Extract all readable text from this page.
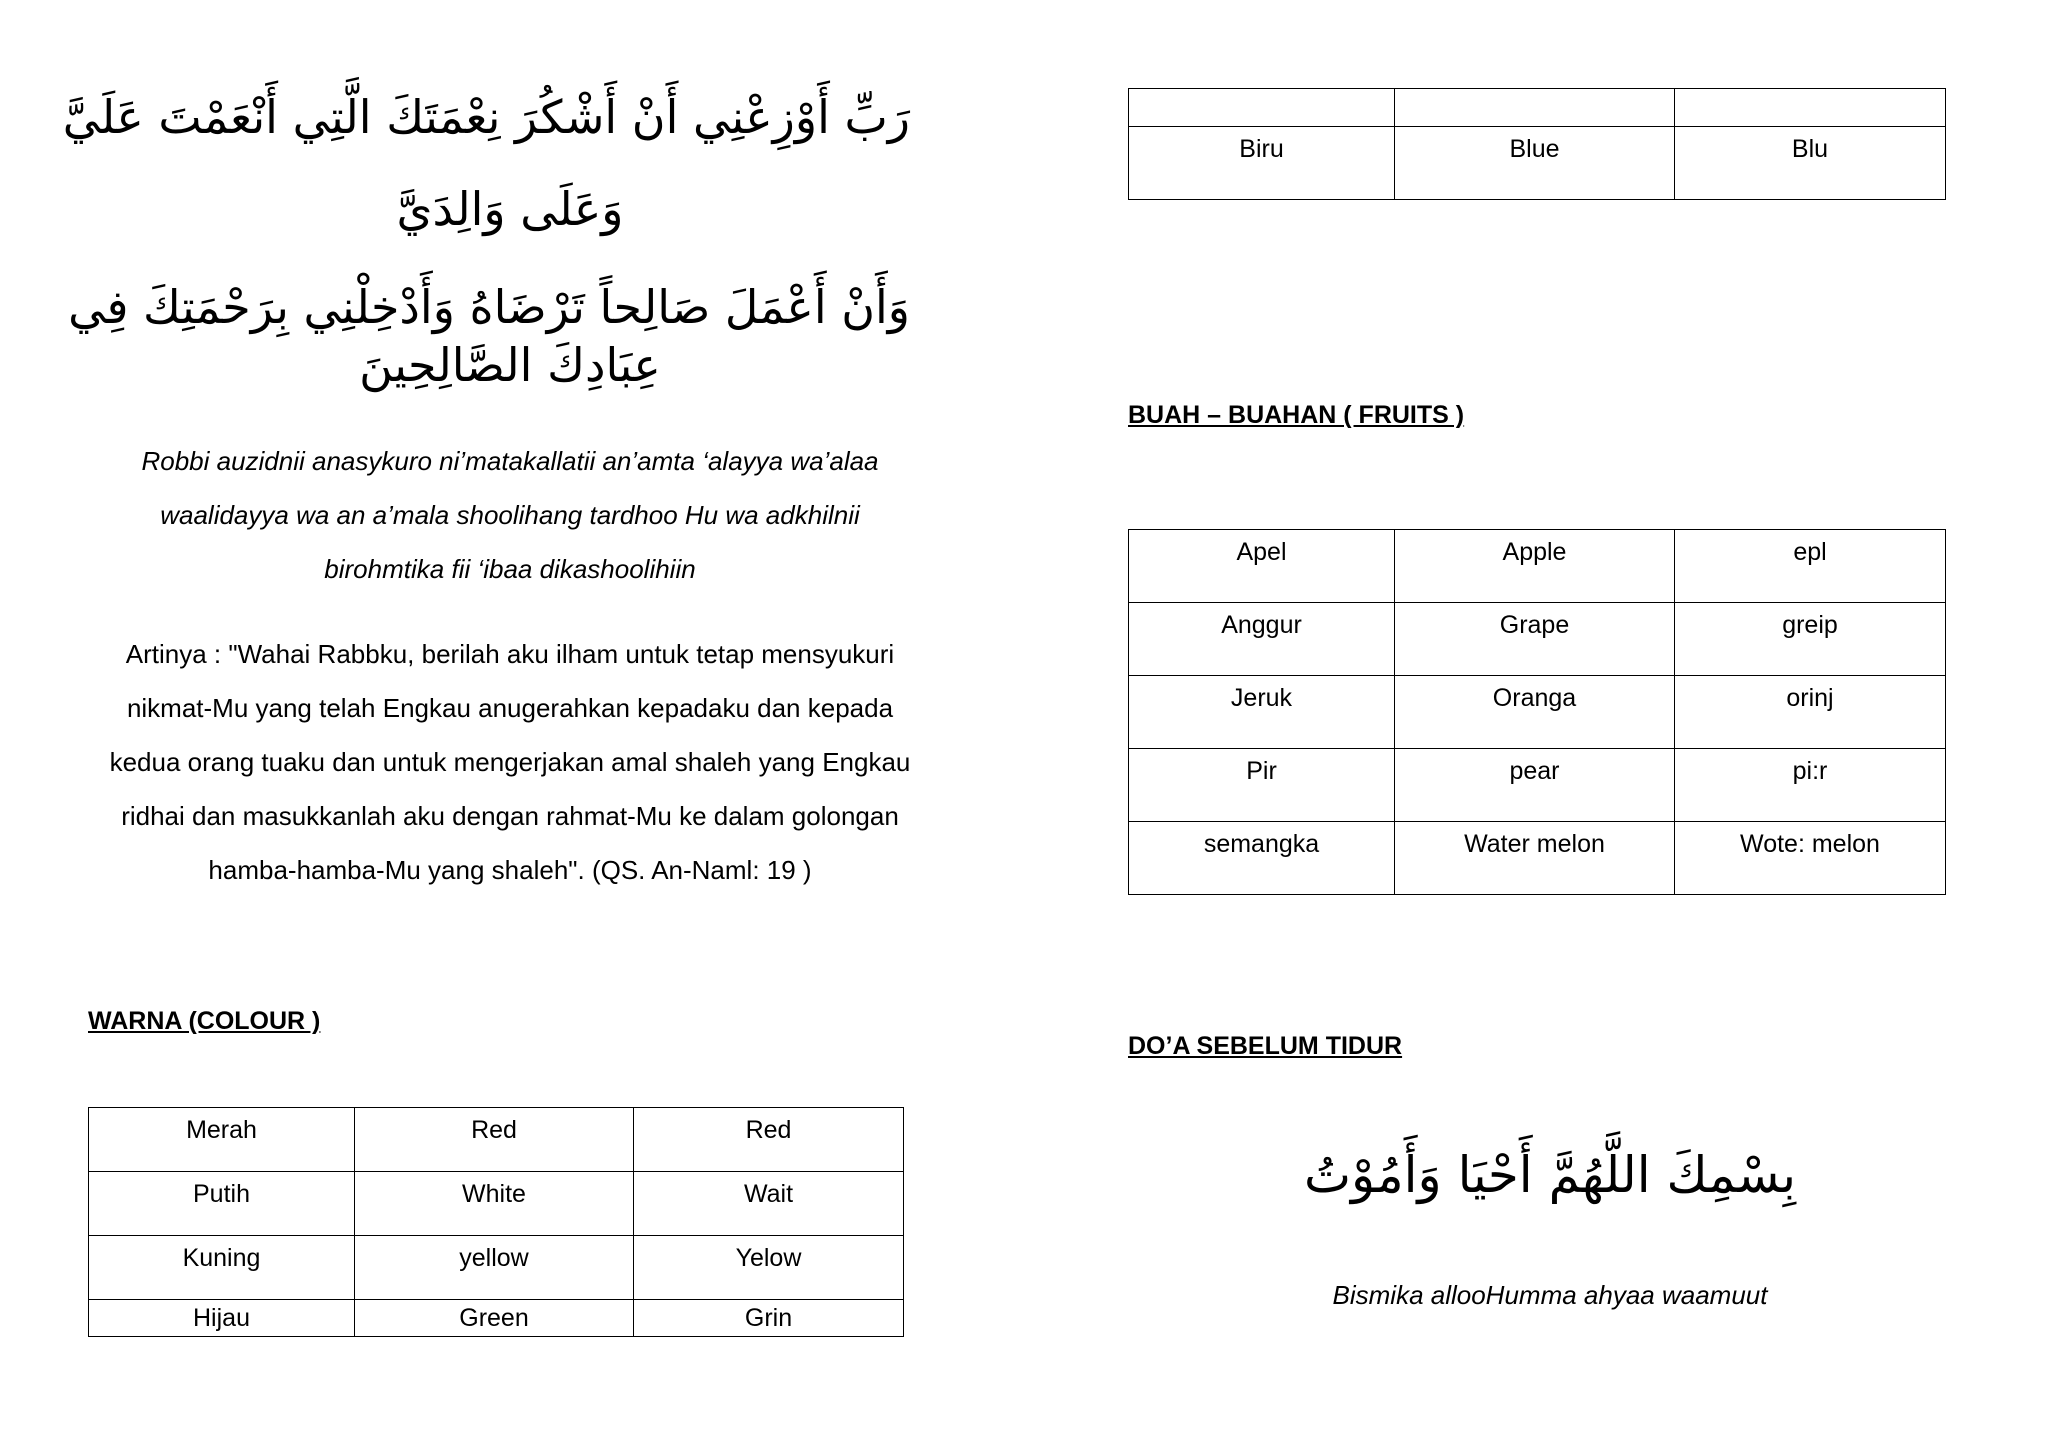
رَبِّ أَوْزِعْنِي أَنْ أَشْكُرَ نِعْمَتَكَ الَّتِي أَنْعَمْتَ عَلَيَّ
وَعَلَى وَالِدَيَّ
وَأَنْ أَعْمَلَ صَالِحاً تَرْضَاهُ وَأَدْخِلْنِي بِرَحْمَتِكَ فِي
عِبَادِكَ الصَّالِحِينَ
Robbi auzidnii anasykuro ni’matakallatii an’amta ‘alayya wa’alaa waalidayya wa an a’mala shoolihang tardhoo Hu wa adkhilnii birohmtika fii ‘ibaa dikashoolihiin
Artinya : "Wahai Rabbku, berilah aku ilham untuk tetap mensyukuri nikmat-Mu yang telah Engkau anugerahkan kepadaku dan kepada kedua orang tuaku dan untuk mengerjakan amal shaleh yang Engkau ridhai dan masukkanlah aku dengan rahmat-Mu ke dalam golongan hamba-hamba-Mu yang shaleh". (QS. An-Naml: 19 )
WARNA (COLOUR )
Merah	Red	Red
Putih	White	Wait
Kuning	yellow	Yelow
Hijau	Green	Grin

Biru	Blue	Blu
BUAH – BUAHAN ( FRUITS )
Apel	Apple	epl
Anggur	Grape	greip
Jeruk	Oranga	orinj
Pir	pear	pi:r
semangka	Water melon	Wote: melon
DO’A SEBELUM TIDUR
بِسْمِكَ اللَّهُمَّ أَحْيَا وَأَمُوْتُ
Bismika allooHumma ahyaa waamuut
